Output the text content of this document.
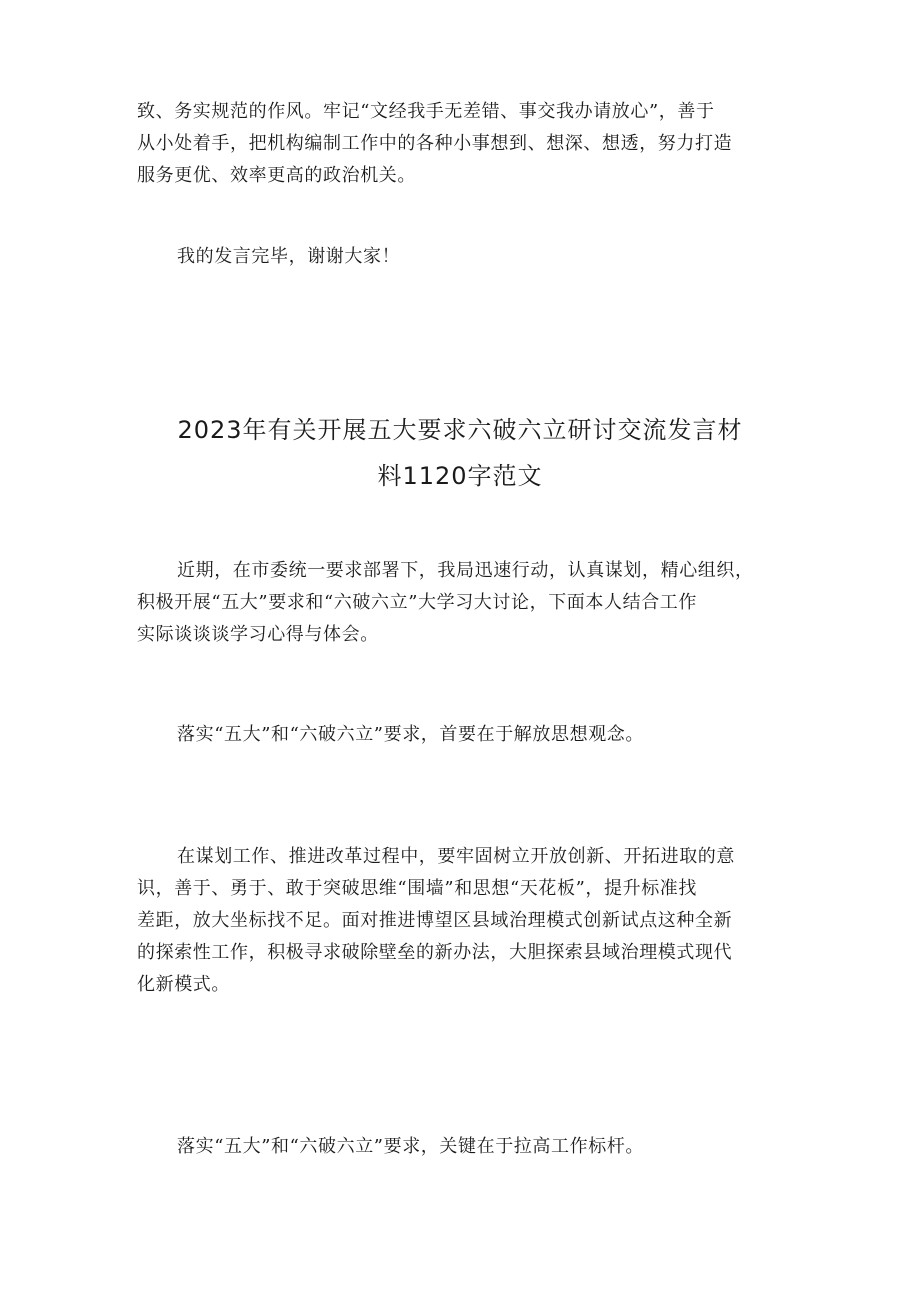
致、务实规范的作风。牢记“文经我手无差错、事交我办请放心”，善于
从小处着手，把机构编制工作中的各种小事想到、想深、想透，努力打造
服务更优、效率更高的政治机关。

我的发言完毕，谢谢大家！

2023年有关开展五大要求六破六立研讨交流发言材
料1120字范文

近期，在市委统一要求部署下，我局迅速行动，认真谋划，精心组织，
积极开展“五大”要求和“六破六立”大学习大讨论，下面本人结合工作
实际谈谈谈学习心得与体会。

落实“五大”和“六破六立”要求，首要在于解放思想观念。

在谋划工作、推进改革过程中，要牢固树立开放创新、开拓进取的意
识，善于、勇于、敢于突破思维“围墙”和思想“天花板”，提升标准找
差距，放大坐标找不足。面对推进博望区县域治理模式创新试点这种全新
的探索性工作，积极寻求破除壁垒的新办法，大胆探索县域治理模式现代
化新模式。

落实“五大”和“六破六立”要求，关键在于拉高工作标杆。
